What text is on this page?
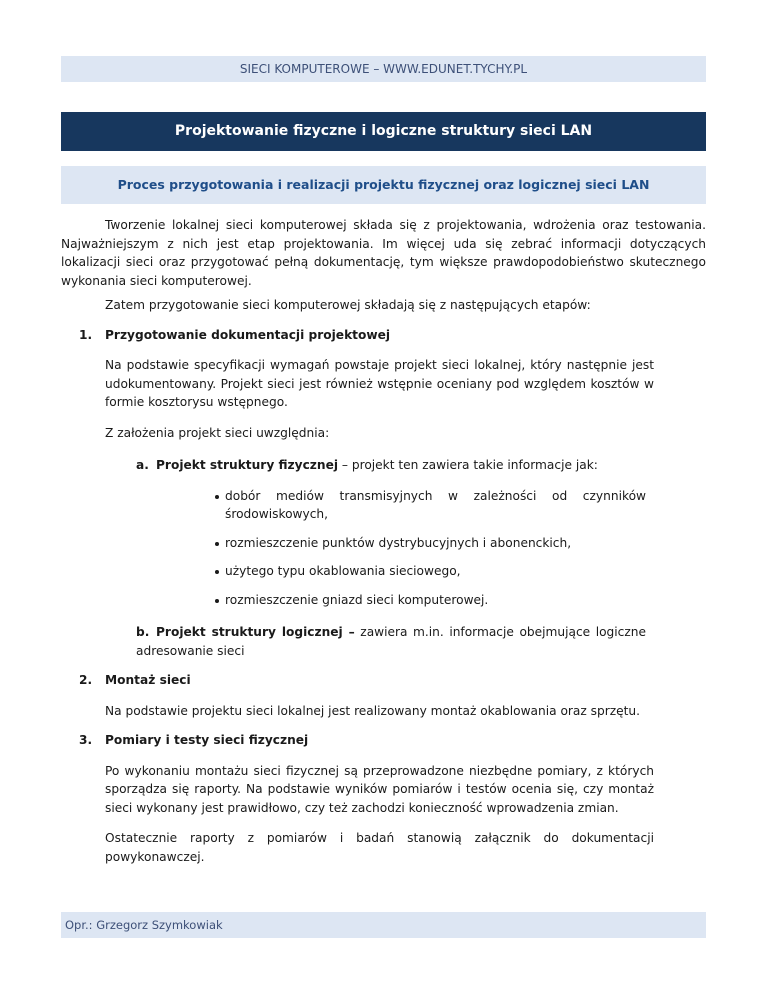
SIECI KOMPUTEROWE – WWW.EDUNET.TYCHY.PL
Projektowanie fizyczne i logiczne struktury sieci LAN
Proces przygotowania i realizacji projektu fizycznej oraz logicznej sieci LAN

Tworzenie lokalnej sieci komputerowej składa się z projektowania, wdrożenia oraz testowania. Najważniejszym z nich jest etap projektowania. Im więcej uda się zebrać informacji dotyczących lokalizacji sieci oraz przygotować pełną dokumentację, tym większe prawdopodobieństwo skutecznego wykonania sieci komputerowej.

Zatem przygotowanie sieci komputerowej składają się z następujących etapów:

1. Przygotowanie dokumentacji projektowej

Na podstawie specyfikacji wymagań powstaje projekt sieci lokalnej, który następnie jest udokumentowany. Projekt sieci jest również wstępnie oceniany pod względem kosztów w formie kosztorysu wstępnego.

Z założenia projekt sieci uwzględnia:

a. Projekt struktury fizycznej – projekt ten zawiera takie informacje jak:

dobór mediów transmisyjnych w zależności od czynników środowiskowych,
rozmieszczenie punktów dystrybucyjnych i abonenckich,
użytego typu okablowania sieciowego,
rozmieszczenie gniazd sieci komputerowej.

b. Projekt struktury logicznej – zawiera m.in. informacje obejmujące logiczne adresowanie sieci

2. Montaż sieci

Na podstawie projektu sieci lokalnej jest realizowany montaż okablowania oraz sprzętu.

3. Pomiary i testy sieci fizycznej

Po wykonaniu montażu sieci fizycznej są przeprowadzone niezbędne pomiary, z których sporządza się raporty. Na podstawie wyników pomiarów i testów ocenia się, czy montaż sieci wykonany jest prawidłowo, czy też zachodzi konieczność wprowadzenia zmian.

Ostatecznie raporty z pomiarów i badań stanowią załącznik do dokumentacji powykonawczej.

Opr.: Grzegorz Szymkowiak
